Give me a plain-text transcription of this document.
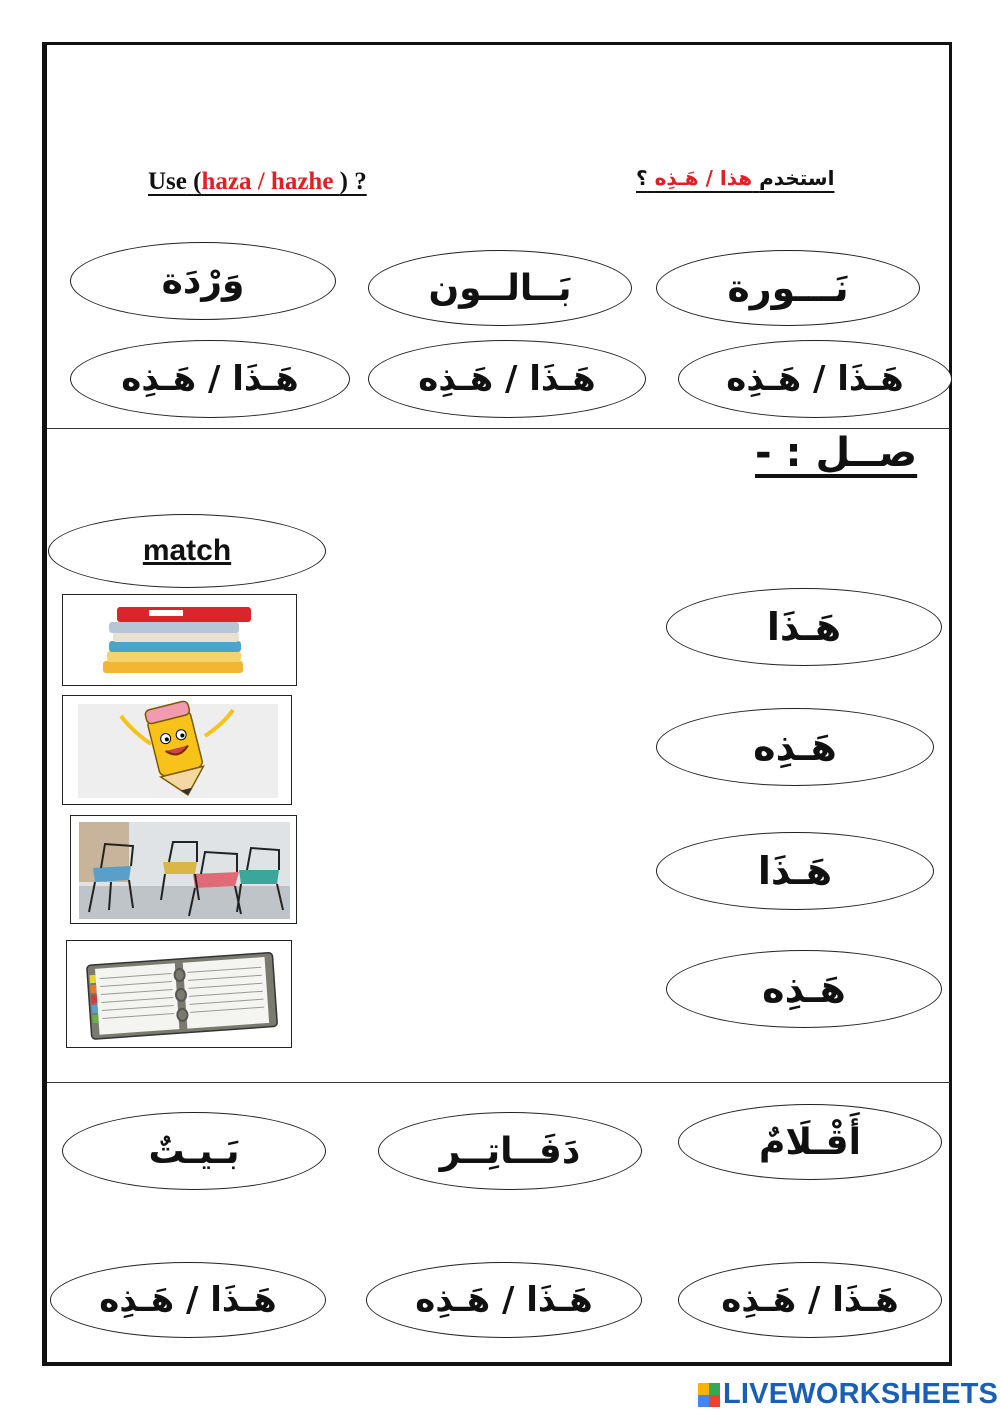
Use (haza / hazhe ) ?	استخدم هذا / هَـذِه ؟
نَـــورة
بَــالــون
وَرْدَة
هَـذَا / هَـذِه
هَـذَا / هَـذِه
هَـذَا / هَـذِه
صــل : -
match
هَـذَا
هَـذِه
هَـذَا
هَـذِه
أَقْـلَامٌ
دَفَــاتِــر
بَـيـتٌ
هَـذَا / هَـذِه
هَـذَا / هَـذِه
هَـذَا / هَـذِه
LIVEWORKSHEETS
